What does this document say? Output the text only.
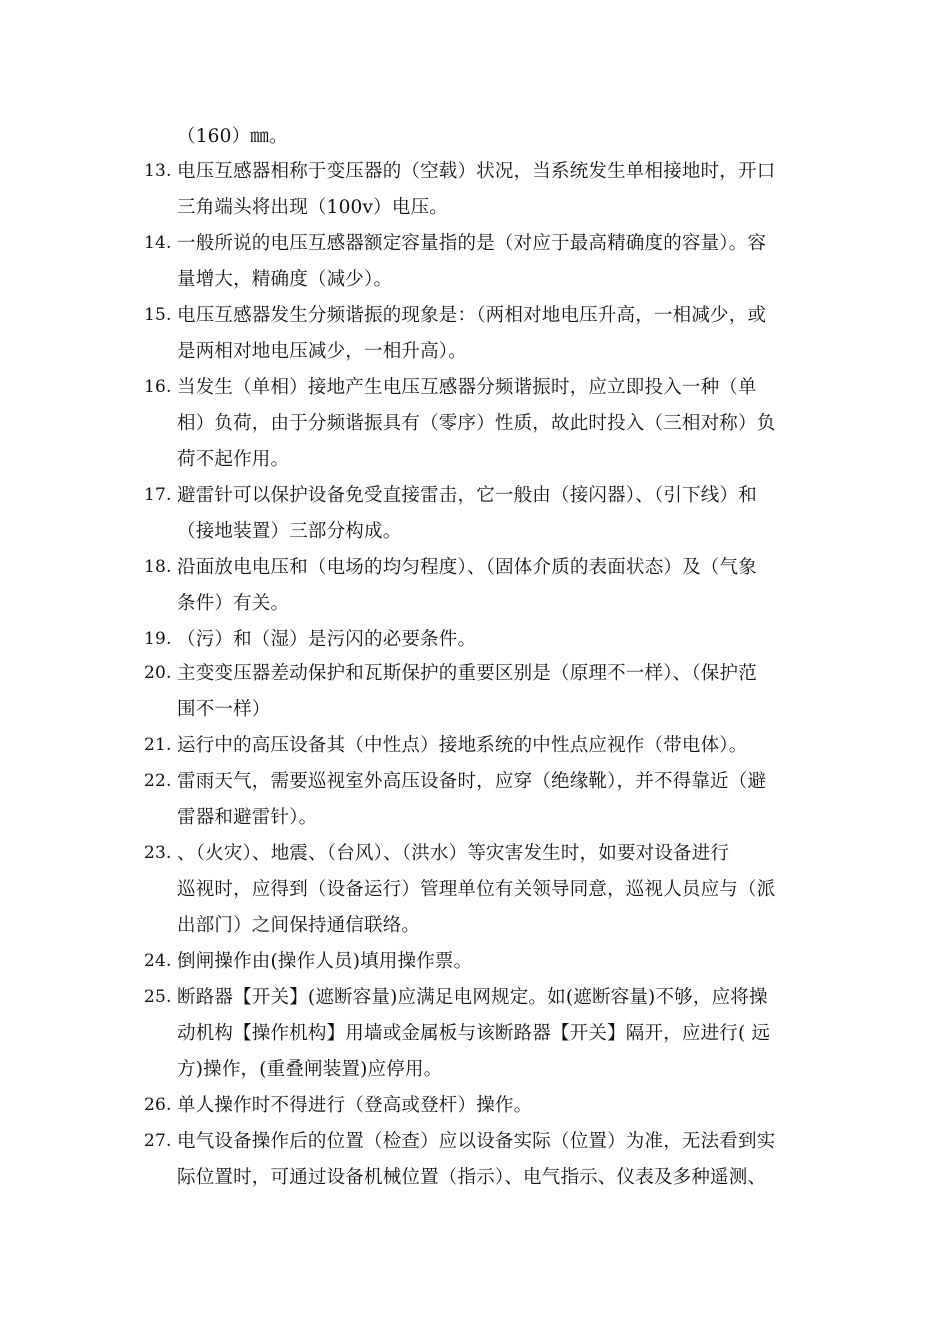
（160）㎜。
13. 电压互感器相称于变压器的（空载）状况，当系统发生单相接地时，开口
三角端头将出现（100v）电压。
14. 一般所说的电压互感器额定容量指的是（对应于最高精确度的容量）。容
量增大，精确度（减少）。
15. 电压互感器发生分频谐振的现象是：（两相对地电压升高，一相减少，或
是两相对地电压减少，一相升高）。
16. 当发生（单相）接地产生电压互感器分频谐振时，应立即投入一种（单
相）负荷，由于分频谐振具有（零序）性质，故此时投入（三相对称）负
荷不起作用。
17. 避雷针可以保护设备免受直接雷击，它一般由（接闪器）、（引下线）和
（接地装置）三部分构成。
18. 沿面放电电压和（电场的均匀程度）、（固体介质的表面状态）及（气象
条件）有关。
19. （污）和（湿）是污闪的必要条件。
20. 主变变压器差动保护和瓦斯保护的重要区别是（原理不一样）、（保护范
围不一样）
21. 运行中的高压设备其（中性点）接地系统的中性点应视作（带电体）。
22. 雷雨天气，需要巡视室外高压设备时，应穿（绝缘靴），并不得靠近（避
雷器和避雷针）。
23. 、（火灾）、地震、（台风）、（洪水）等灾害发生时，如要对设备进行
巡视时，应得到（设备运行）管理单位有关领导同意，巡视人员应与（派
出部门）之间保持通信联络。
24. 倒闸操作由(操作人员)填用操作票。
25. 断路器【开关】(遮断容量)应满足电网规定。如(遮断容量)不够，应将操
动机构【操作机构】用墙或金属板与该断路器【开关】隔开，应进行( 远
方)操作，(重叠闸装置)应停用。
26. 单人操作时不得进行（登高或登杆）操作。
27. 电气设备操作后的位置（检查）应以设备实际（位置）为准，无法看到实
际位置时，可通过设备机械位置（指示）、电气指示、仪表及多种遥测、
